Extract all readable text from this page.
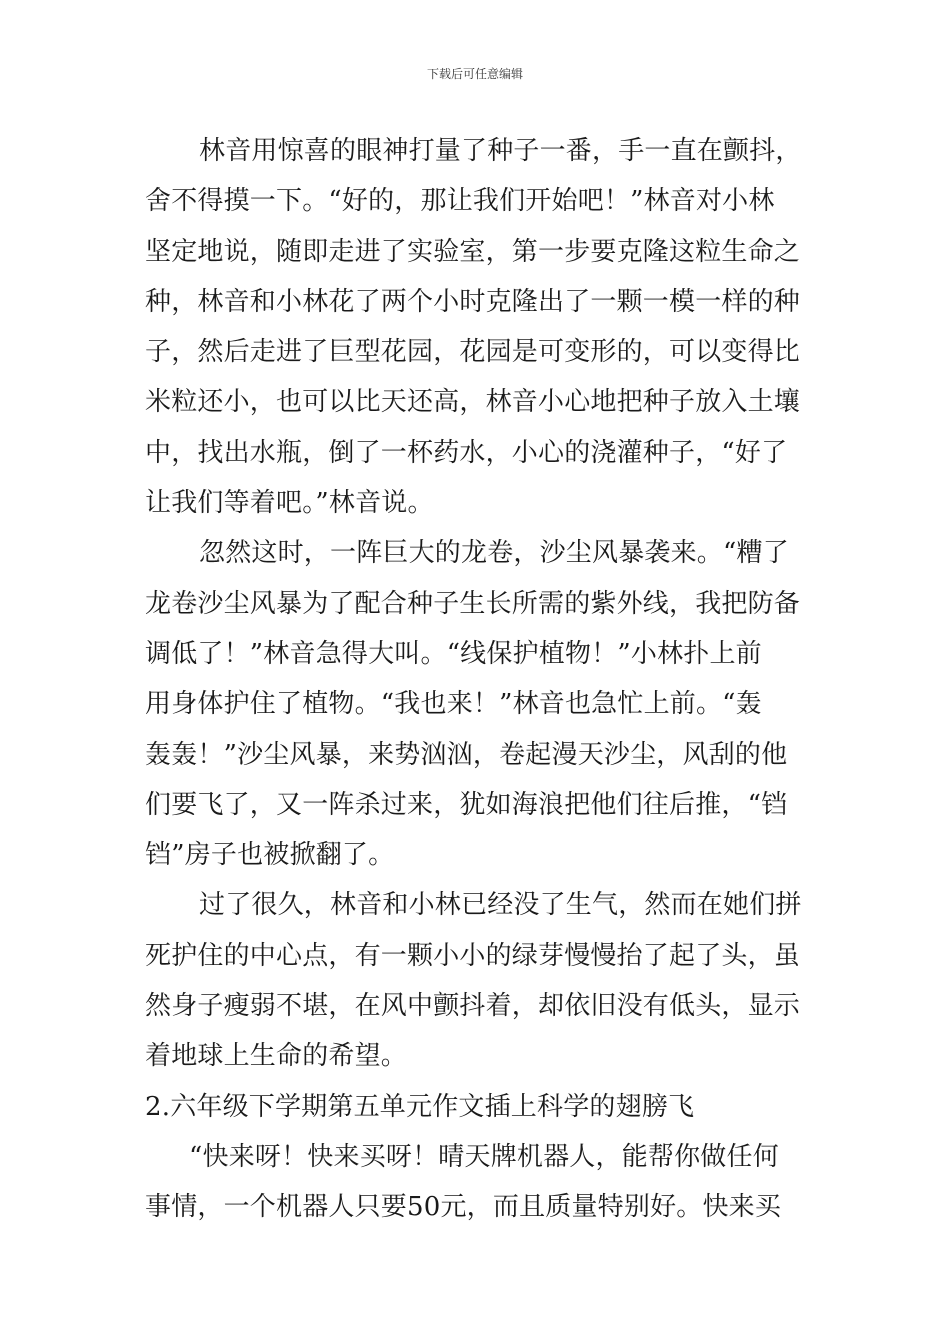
下载后可任意编辑
林音用惊喜的眼神打量了种子一番，手一直在颤抖，
舍不得摸一下。“好的，那让我们开始吧！”林音对小林
坚定地说，随即走进了实验室，第一步要克隆这粒生命之
种，林音和小林花了两个小时克隆出了一颗一模一样的种
子，然后走进了巨型花园，花园是可变形的，可以变得比
米粒还小，也可以比天还高，林音小心地把种子放入土壤
中，找出水瓶，倒了一杯药水，小心的浇灌种子，“好了
让我们等着吧。”林音说。
忽然这时，一阵巨大的龙卷，沙尘风暴袭来。“糟了
龙卷沙尘风暴为了配合种子生长所需的紫外线，我把防备
调低了！”林音急得大叫。“线保护植物！”小林扑上前
用身体护住了植物。“我也来！”林音也急忙上前。“轰
轰轰！”沙尘风暴，来势汹汹，卷起漫天沙尘，风刮的他
们要飞了，又一阵杀过来，犹如海浪把他们往后推，“铛
铛”房子也被掀翻了。
过了很久，林音和小林已经没了生气，然而在她们拼
死护住的中心点，有一颗小小的绿芽慢慢抬了起了头，虽
然身子瘦弱不堪，在风中颤抖着，却依旧没有低头，显示
着地球上生命的希望。
2.六年级下学期第五单元作文插上科学的翅膀飞
“快来呀！快来买呀！晴天牌机器人，能帮你做任何
事情，一个机器人只要50元，而且质量特别好。快来买
